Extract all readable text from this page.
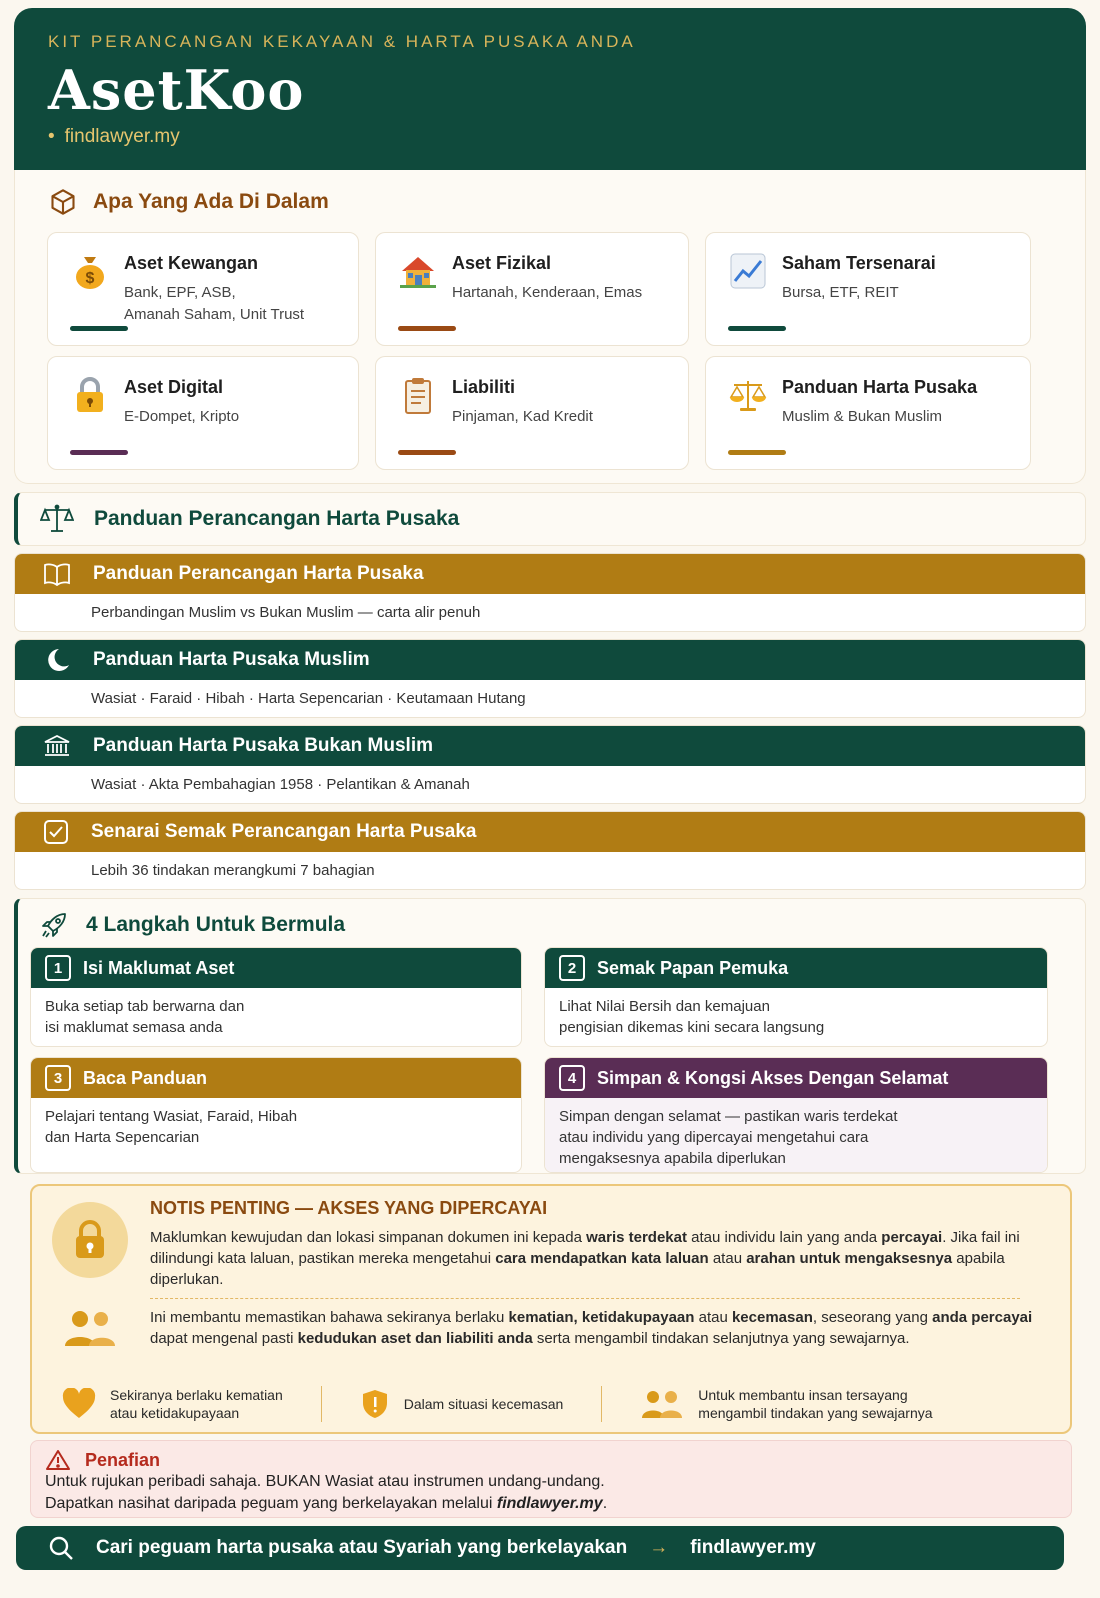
KIT PERANCANGAN KEKAYAAN & HARTA PUSAKA ANDA
AsetKoo
• findlawyer.my
Apa Yang Ada Di Dalam
$
Aset Kewangan
Bank, EPF, ASB,
Amanah Saham, Unit Trust
Aset Fizikal
Hartanah, Kenderaan, Emas
Saham Tersenarai
Bursa, ETF, REIT
Aset Digital
E-Dompet, Kripto
Liabiliti
Pinjaman, Kad Kredit
Panduan Harta Pusaka
Muslim & Bukan Muslim
Panduan Perancangan Harta Pusaka
Panduan Perancangan Harta Pusaka
Perbandingan Muslim vs Bukan Muslim — carta alir penuh
Panduan Harta Pusaka Muslim
Wasiat · Faraid · Hibah · Harta Sepencarian · Keutamaan Hutang
Panduan Harta Pusaka Bukan Muslim
Wasiat · Akta Pembahagian 1958 · Pelantikan & Amanah
Senarai Semak Perancangan Harta Pusaka
Lebih 36 tindakan merangkumi 7 bahagian
4 Langkah Untuk Bermula
1	Isi Maklumat Aset
Buka setiap tab berwarna dan
isi maklumat semasa anda
2	Semak Papan Pemuka
Lihat Nilai Bersih dan kemajuan
pengisian dikemas kini secara langsung
3	Baca Panduan
Pelajari tentang Wasiat, Faraid, Hibah
dan Harta Sepencarian
4	Simpan & Kongsi Akses Dengan Selamat
Simpan dengan selamat — pastikan waris terdekat
atau individu yang dipercayai mengetahui cara
mengaksesnya apabila diperlukan
NOTIS PENTING — AKSES YANG DIPERCAYAI
Maklumkan kewujudan dan lokasi simpanan dokumen ini kepada waris terdekat atau individu lain yang anda percayai. Jika fail ini dilindungi kata laluan, pastikan mereka mengetahui cara mendapatkan kata laluan atau arahan untuk mengaksesnya apabila diperlukan.
Ini membantu memastikan bahawa sekiranya berlaku kematian, ketidakupayaan atau kecemasan, seseorang yang anda percayai dapat mengenal pasti kedudukan aset dan liabiliti anda serta mengambil tindakan selanjutnya yang sewajarnya.
Sekiranya berlaku kematian
atau ketidakupayaan
Dalam situasi kecemasan
Untuk membantu insan tersayang
mengambil tindakan yang sewajarnya
Penafian
Untuk rujukan peribadi sahaja. BUKAN Wasiat atau instrumen undang-undang.
Dapatkan nasihat daripada peguam yang berkelayakan melalui findlawyer.my.
Cari peguam harta pusaka atau Syariah yang berkelayakan → findlawyer.my
